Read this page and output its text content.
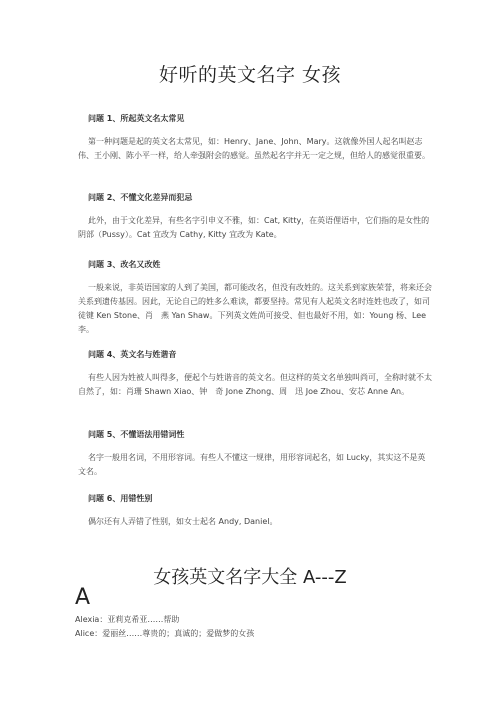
好听的英文名字 女孩

问题 1、所起英文名太常见

第一种问题是起的英文名太常见，如：Henry、Jane、John、Mary。这就像外国人起名叫赵志伟、王小刚、陈小平一样，给人牵强附会的感觉。虽然起名字并无一定之规，但给人的感觉很重要。

问题 2、不懂文化差异而犯忌

此外，由于文化差异，有些名字引申义不雅，如：Cat, Kitty，在英语俚语中，它们指的是女性的阴部（Pussy）。Cat 宜改为 Cathy, Kitty 宜改为 Kate。

问题 3、改名又改姓

一般来说，非英语国家的人到了美国，都可能改名，但没有改姓的。这关系到家族荣誉，将来还会关系到遗传基因。因此，无论自己的姓多么难读，都要坚持。常见有人起英文名时连姓也改了，如司徒键 Ken Stone、肖　燕 Yan Shaw。下列英文姓尚可接受、但也最好不用，如：Young 杨、Lee 李。

问题 4、英文名与姓谐音

有些人因为姓被人叫得多，便起个与姓谐音的英文名。但这样的英文名单独叫尚可，全称时就不太自然了，如：肖珊 Shawn Xiao、钟　奇 Jone Zhong、周　迅 Joe Zhou、安芯 Anne An。

问题 5、不懂语法用错词性

名字一般用名词，不用形容词。有些人不懂这一规律，用形容词起名，如 Lucky，其实这不是英文名。

问题 6、用错性别

偶尔还有人弄错了性别，如女士起名 Andy, Daniel。

女孩英文名字大全 A---Z
A
Alexia：亚莉克希亚……帮助
Alice：爱丽丝……尊贵的；真诚的；爱做梦的女孩
